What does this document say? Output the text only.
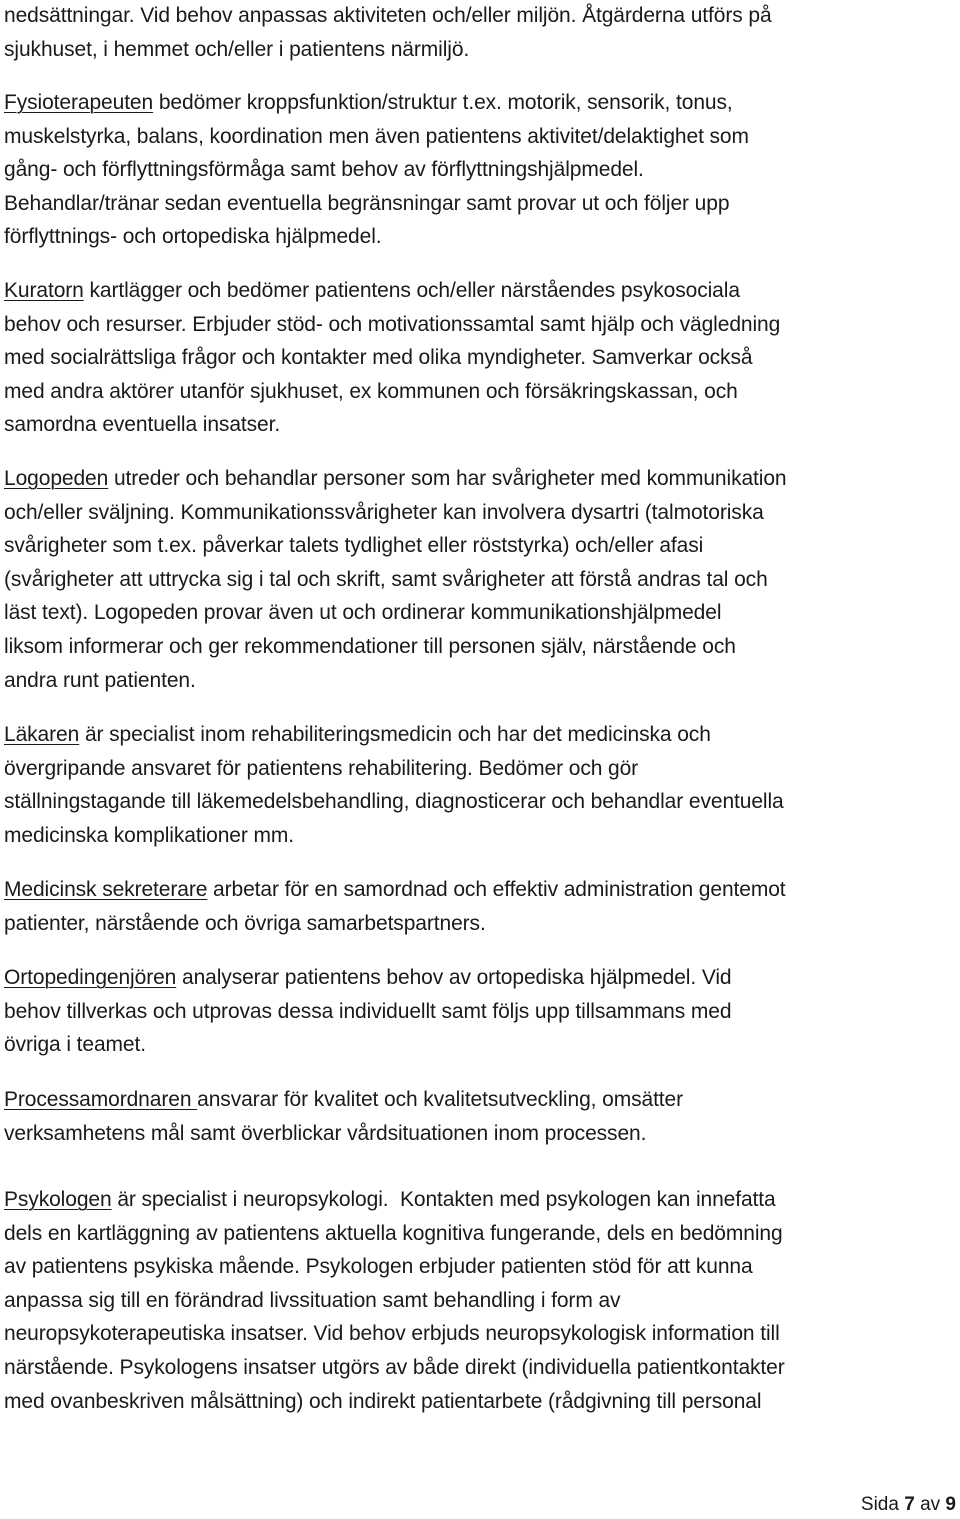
nedsättningar. Vid behov anpassas aktiviteten och/eller miljön. Åtgärderna utförs på
sjukhuset, i hemmet och/eller i patientens närmiljö.

Fysioterapeuten bedömer kroppsfunktion/struktur t.ex. motorik, sensorik, tonus,
muskelstyrka, balans, koordination men även patientens aktivitet/delaktighet som
gång- och förflyttningsförmåga samt behov av förflyttningshjälpmedel.
Behandlar/tränar sedan eventuella begränsningar samt provar ut och följer upp
förflyttnings- och ortopediska hjälpmedel.

Kuratorn kartlägger och bedömer patientens och/eller närståendes psykosociala
behov och resurser. Erbjuder stöd- och motivationssamtal samt hjälp och vägledning
med socialrättsliga frågor och kontakter med olika myndigheter. Samverkar också
med andra aktörer utanför sjukhuset, ex kommunen och försäkringskassan, och
samordna eventuella insatser.

Logopeden utreder och behandlar personer som har svårigheter med kommunikation
och/eller sväljning. Kommunikationssvårigheter kan involvera dysartri (talmotoriska
svårigheter som t.ex. påverkar talets tydlighet eller röststyrka) och/eller afasi
(svårigheter att uttrycka sig i tal och skrift, samt svårigheter att förstå andras tal och
läst text). Logopeden provar även ut och ordinerar kommunikationshjälpmedel
liksom informerar och ger rekommendationer till personen själv, närstående och
andra runt patienten.

Läkaren är specialist inom rehabiliteringsmedicin och har det medicinska och
övergripande ansvaret för patientens rehabilitering. Bedömer och gör
ställningstagande till läkemedelsbehandling, diagnosticerar och behandlar eventuella
medicinska komplikationer mm.

Medicinsk sekreterare arbetar för en samordnad och effektiv administration gentemot
patienter, närstående och övriga samarbetspartners.

Ortopedingenjören analyserar patientens behov av ortopediska hjälpmedel. Vid
behov tillverkas och utprovas dessa individuellt samt följs upp tillsammans med
övriga i teamet.

Processamordnaren ansvarar för kvalitet och kvalitetsutveckling, omsätter
verksamhetens mål samt överblickar vårdsituationen inom processen.

Psykologen är specialist i neuropsykologi.  Kontakten med psykologen kan innefatta
dels en kartläggning av patientens aktuella kognitiva fungerande, dels en bedömning
av patientens psykiska mående. Psykologen erbjuder patienten stöd för att kunna
anpassa sig till en förändrad livssituation samt behandling i form av
neuropsykoterapeutiska insatser. Vid behov erbjuds neuropsykologisk information till
närstående. Psykologens insatser utgörs av både direkt (individuella patientkontakter
med ovanbeskriven målsättning) och indirekt patientarbete (rådgivning till personal

Sida 7 av 9
